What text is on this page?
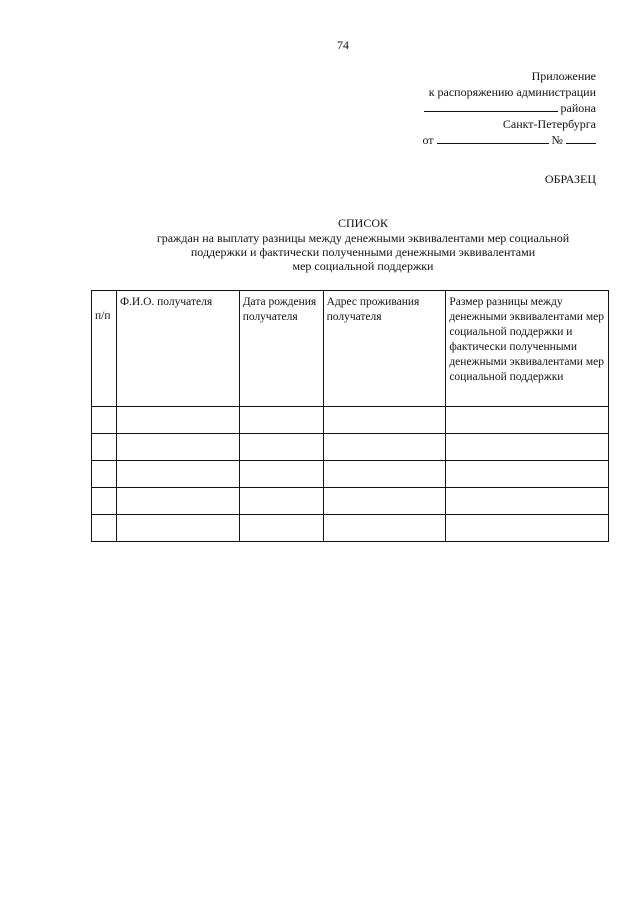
74
Приложение
к распоряжению администрации
района
Санкт-Петербурга
от	№
ОБРАЗЕЦ
СПИСОК
граждан на выплату разницы между денежными эквивалентами мер социальной
поддержки и фактически полученными денежными эквивалентами
мер социальной поддержки
п/п	Ф.И.О. получателя	Дата рождения получателя	Адрес проживания получателя	Размер разницы между денежными эквивалентами мер социальной поддержки и фактически полученными денежными эквивалентами мер социальной поддержки
